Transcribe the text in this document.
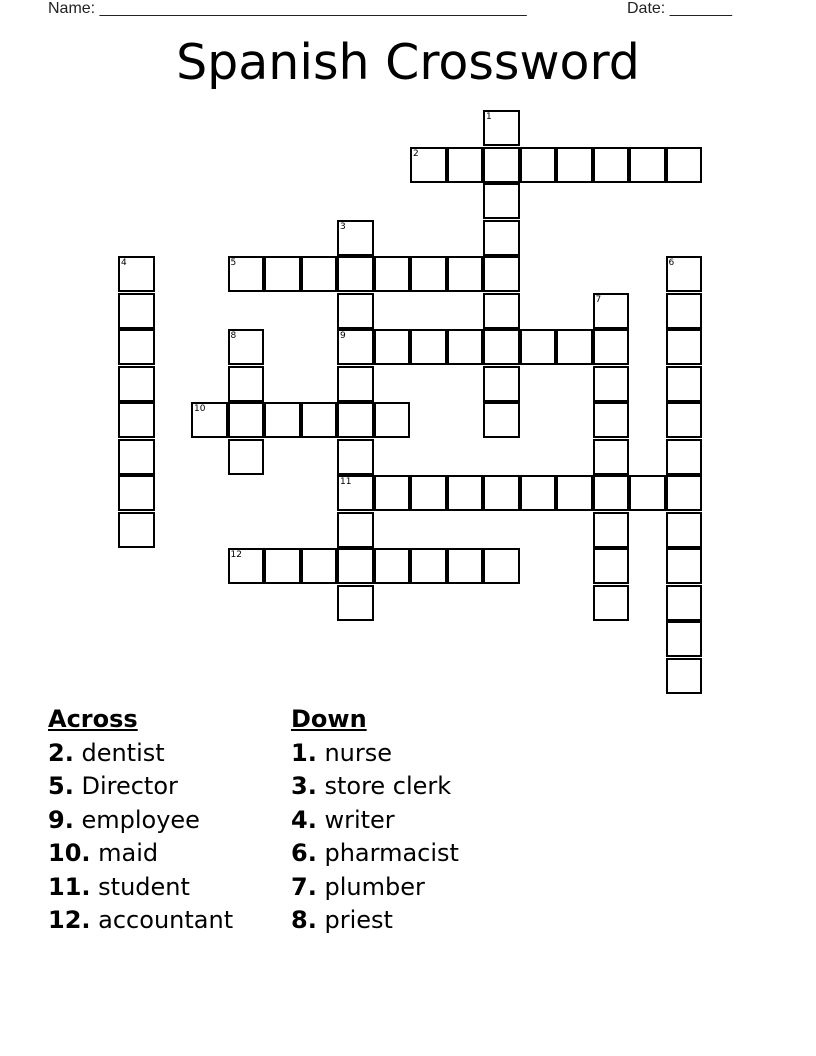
Name: ________________________________________________	Date: _______
Spanish Crossword
1
2
3
9
11
4	5	6
7
8
10
12
Across
2. dentist
5. Director
9. employee
10. maid
11. student
12. accountant
Down
1. nurse
3. store clerk
4. writer
6. pharmacist
7. plumber
8. priest
